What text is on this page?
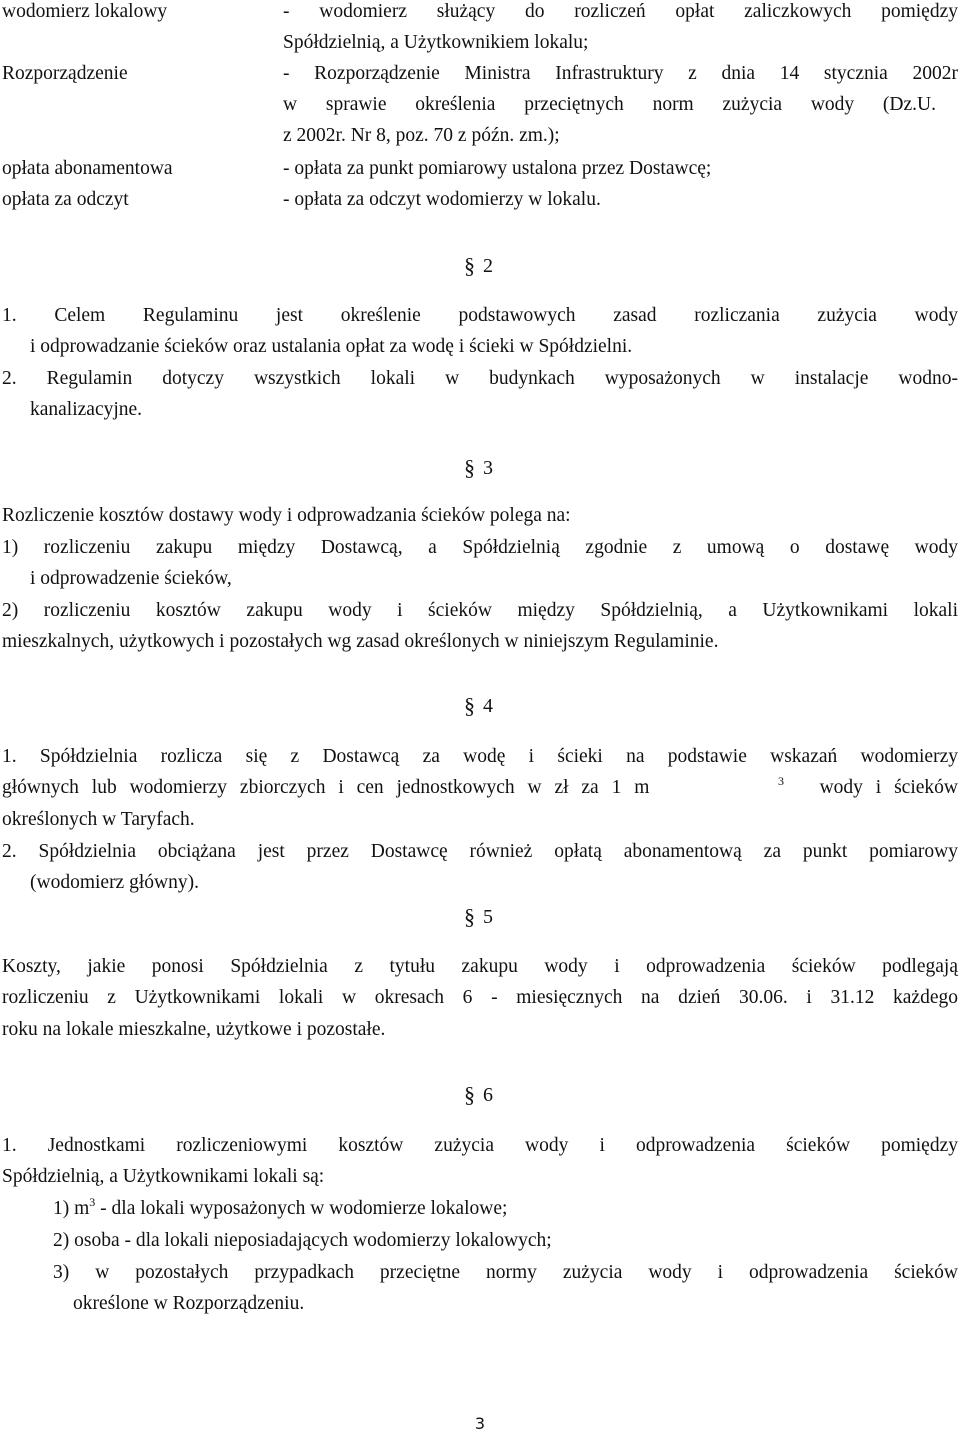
wodomierz lokalowy	- wodomierz służący do rozliczeń opłat zaliczkowych pomiędzy
Spółdzielnią, a Użytkownikiem lokalu;
Rozporządzenie	- Rozporządzenie Ministra Infrastruktury z dnia 14 stycznia 2002r
w sprawie określenia przeciętnych norm zużycia wody (Dz.U.
z 2002r. Nr 8, poz. 70 z późn. zm.);
opłata abonamentowa	- opłata za punkt pomiarowy ustalona przez Dostawcę;
opłata za odczyt	- opłata za odczyt wodomierzy w lokalu.
§ 2
1. Celem Regulaminu jest określenie podstawowych zasad rozliczania zużycia wody
i odprowadzanie ścieków oraz ustalania opłat za wodę i ścieki w Spółdzielni.
2. Regulamin dotyczy wszystkich lokali w budynkach wyposażonych w instalacje wodno-
kanalizacyjne.
§ 3
Rozliczenie kosztów dostawy wody i odprowadzania ścieków polega na:
1) rozliczeniu zakupu między Dostawcą, a Spółdzielnią zgodnie z umową o dostawę wody
i odprowadzenie ścieków,
2) rozliczeniu kosztów zakupu wody i ścieków między Spółdzielnią, a Użytkownikami lokali
mieszkalnych, użytkowych i pozostałych wg zasad określonych w niniejszym Regulaminie.
§ 4
1. Spółdzielnia rozlicza się z Dostawcą za wodę i ścieki na podstawie wskazań wodomierzy
głównych lub wodomierzy zbiorczych i cen jednostkowych w zł za 1 m	$^3$ wody i ścieków
określonych w Taryfach.
2. Spółdzielnia obciążana jest przez Dostawcę również opłatą abonamentową za punkt pomiarowy
(wodomierz główny).
§ 5
Koszty, jakie ponosi Spółdzielnia z tytułu zakupu wody i odprowadzenia ścieków podlegają
rozliczeniu z Użytkownikami lokali w okresach 6 - miesięcznych na dzień 30.06. i 31.12 każdego
roku na lokale mieszkalne, użytkowe i pozostałe.
§ 6
1. Jednostkami rozliczeniowymi kosztów zużycia wody i odprowadzenia ścieków pomiędzy
Spółdzielnią, a Użytkownikami lokali są:
1) $m^3$ - dla lokali wyposażonych w wodomierze lokalowe;
2) osoba - dla lokali nieposiadających wodomierzy lokalowych;
3) w pozostałych przypadkach przeciętne normy zużycia wody i odprowadzenia ścieków
określone w Rozporządzeniu.
3
